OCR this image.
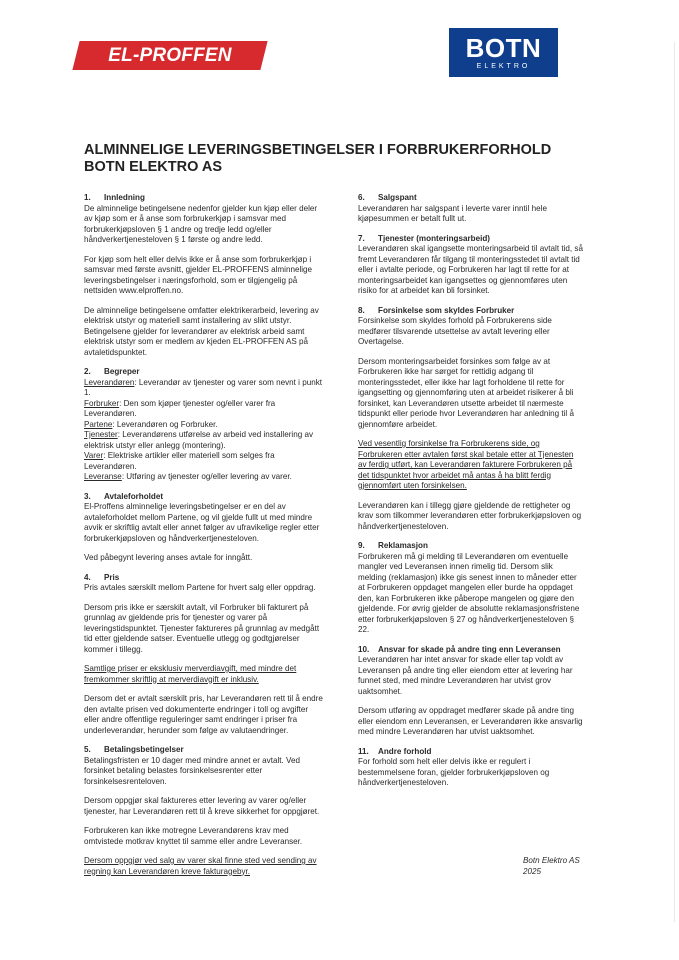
EL-PROFFEN	BOTN
ELEKTRO
ALMINNELIGE LEVERINGSBETINGELSER I FORBRUKERFORHOLD
BOTN ELEKTRO AS
1. Innledning

De alminnelige betingelsene nedenfor gjelder kun kjøp eller deler av kjøp som er å anse som forbrukerkjøp i samsvar med forbrukerkjøpsloven § 1 andre og tredje ledd og/eller håndverkertjenesteloven § 1 første og andre ledd.

For kjøp som helt eller delvis ikke er å anse som forbrukerkjøp i samsvar med første avsnitt, gjelder EL-PROFFENS alminnelige leveringsbetingelser i næringsforhold, som er tilgjengelig på nettsiden www.elproffen.no.

De alminnelige betingelsene omfatter elektrikerarbeid, levering av elektrisk utstyr og materiell samt installering av slikt utstyr. Betingelsene gjelder for leverandører av elektrisk arbeid samt elektrisk utstyr som er medlem av kjeden EL-PROFFEN AS på avtaletidspunktet.

2. Begreper
Leverandøren: Leverandør av tjenester og varer som nevnt i punkt 1.
Forbruker: Den som kjøper tjenester og/eller varer fra Leverandøren.
Partene: Leverandøren og Forbruker.
Tjenester: Leverandørens utførelse av arbeid ved installering av elektrisk utstyr eller anlegg (montering).
Varer: Elektriske artikler eller materiell som selges fra Leverandøren.
Leveranse: Utføring av tjenester og/eller levering av varer.
3. Avtaleforholdet

El-Proffens alminnelige leveringsbetingelser er en del av avtaleforholdet mellom Partene, og vil gjelde fullt ut med mindre avvik er skriftlig avtalt eller annet følger av ufravikelige regler etter forbrukerkjøpsloven og håndverkertjenesteloven.

Ved påbegynt levering anses avtale for inngått.

4. Pris

Pris avtales særskilt mellom Partene for hvert salg eller oppdrag.

Dersom pris ikke er særskilt avtalt, vil Forbruker bli fakturert på grunnlag av gjeldende pris for tjenester og varer på leveringstidspunktet. Tjenester faktureres på grunnlag av medgått tid etter gjeldende satser. Eventuelle utlegg og godtgjørelser kommer i tillegg.

Samtlige priser er eksklusiv merverdiavgift, med mindre det fremkommer skriftlig at merverdiavgift er inklusiv.

Dersom det er avtalt særskilt pris, har Leverandøren rett til å endre den avtalte prisen ved dokumenterte endringer i toll og avgifter eller andre offentlige reguleringer samt endringer i priser fra underleverandør, herunder som følge av valutaendringer.

5. Betalingsbetingelser

Betalingsfristen er 10 dager med mindre annet er avtalt. Ved forsinket betaling belastes forsinkelsesrenter etter forsinkelsesrenteloven.

Dersom oppgjør skal faktureres etter levering av varer og/eller tjenester, har Leverandøren rett til å kreve sikkerhet for oppgjøret.

Forbrukeren kan ikke motregne Leverandørens krav med omtvistede motkrav knyttet til samme eller andre Leveranser.

Dersom oppgjør ved salg av varer skal finne sted ved sending av regning kan Leverandøren kreve fakturagebyr.

6. Salgspant

Leverandøren har salgspant i leverte varer inntil hele kjøpesummen er betalt fullt ut.

7. Tjenester (monteringsarbeid)

Leverandøren skal igangsette monteringsarbeid til avtalt tid, så fremt Leverandøren får tilgang til monteringsstedet til avtalt tid eller i avtalte periode, og Forbrukeren har lagt til rette for at monteringsarbeidet kan igangsettes og gjennomføres uten risiko for at arbeidet kan bli forsinket.

8. Forsinkelse som skyldes Forbruker

Forsinkelse som skyldes forhold på Forbrukerens side medfører tilsvarende utsettelse av avtalt levering eller Overtagelse.

Dersom monteringsarbeidet forsinkes som følge av at Forbrukeren ikke har sørget for rettidig adgang til monteringsstedet, eller ikke har lagt forholdene til rette for igangsetting og gjennomføring uten at arbeidet risikerer å bli forsinket, kan Leverandøren utsette arbeidet til nærmeste tidspunkt eller periode hvor Leverandøren har anledning til å gjennomføre arbeidet.

Ved vesentlig forsinkelse fra Forbrukerens side, og Forbrukeren etter avtalen først skal betale etter at Tjenesten av ferdig utført, kan Leverandøren fakturere Forbrukeren på det tidspunktet hvor arbeidet må antas å ha blitt ferdig gjennomført uten forsinkelsen.

Leverandøren kan i tillegg gjøre gjeldende de rettigheter og krav som tilkommer leverandøren etter forbrukerkjøpsloven og håndverkertjenesteloven.

9. Reklamasjon

Forbrukeren må gi melding til Leverandøren om eventuelle mangler ved Leveransen innen rimelig tid. Dersom slik melding (reklamasjon) ikke gis senest innen to måneder etter at Forbrukeren oppdaget mangelen eller burde ha oppdaget den, kan Forbrukeren ikke påberope mangelen og gjøre den gjeldende. For øvrig gjelder de absolutte reklamasjonsfristene etter forbrukerkjøpsloven § 27 og håndverkertjenesteloven § 22.

10. Ansvar for skade på andre ting enn Leveransen

Leverandøren har intet ansvar for skade eller tap voldt av Leveransen på andre ting eller eiendom etter at levering har funnet sted, med mindre Leverandøren har utvist grov uaktsomhet.

Dersom utføring av oppdraget medfører skade på andre ting eller eiendom enn Leveransen, er Leverandøren ikke ansvarlig med mindre Leverandøren har utvist uaktsomhet.

11. Andre forhold

For forhold som helt eller delvis ikke er regulert i bestemmelsene foran, gjelder forbrukerkjøpsloven og håndverkertjenesteloven.

Botn Elektro AS
2025
